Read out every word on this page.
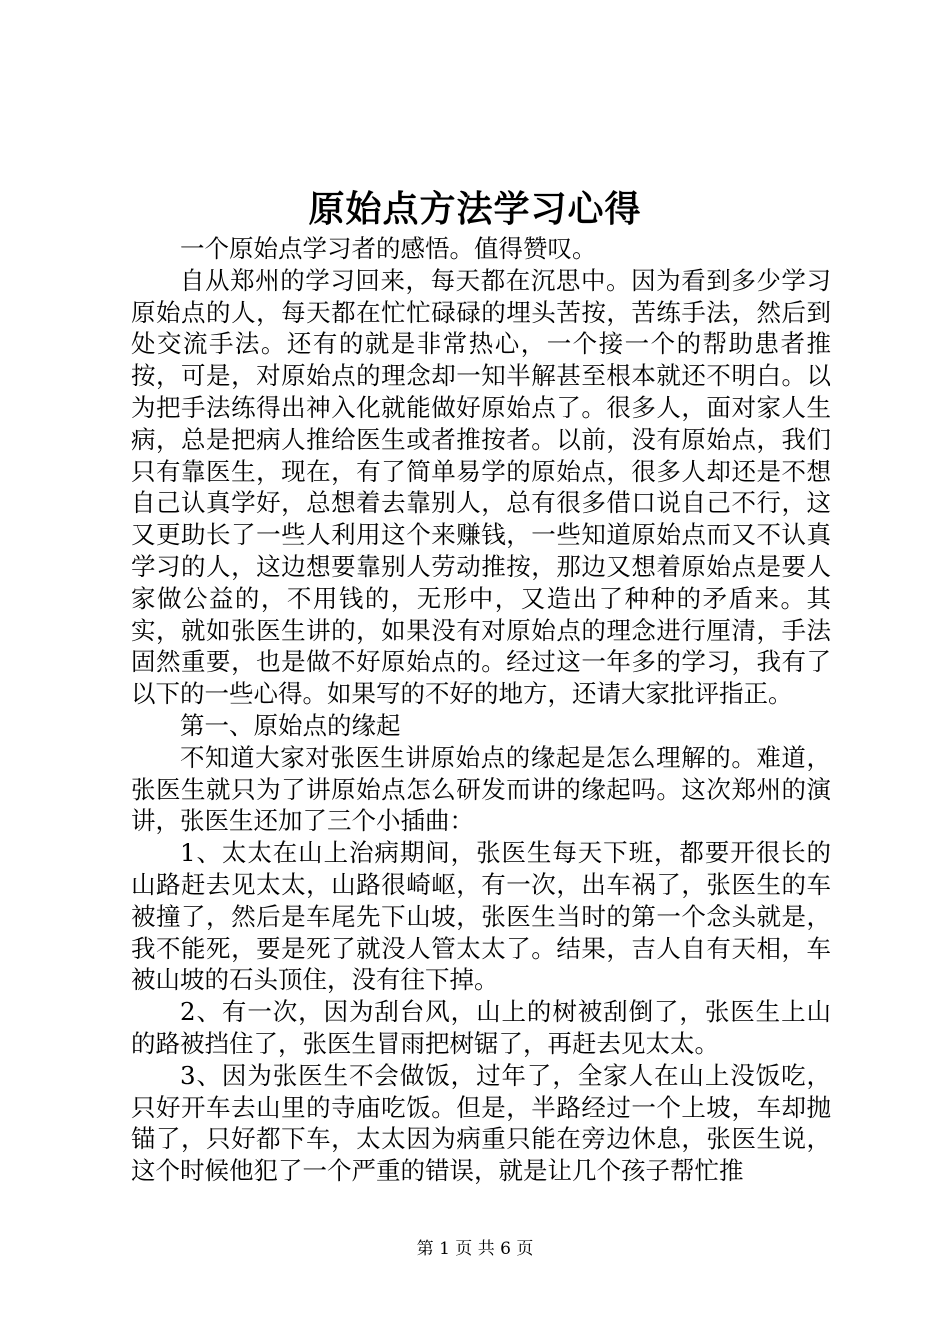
原始点方法学习心得

一个原始点学习者的感悟。值得赞叹。

自从郑州的学习回来，每天都在沉思中。因为看到多少学习原始点的人，每天都在忙忙碌碌的埋头苦按，苦练手法，然后到处交流手法。还有的就是非常热心，一个接一个的帮助患者推按，可是，对原始点的理念却一知半解甚至根本就还不明白。以为把手法练得出神入化就能做好原始点了。很多人，面对家人生病，总是把病人推给医生或者推按者。以前，没有原始点，我们只有靠医生，现在，有了简单易学的原始点，很多人却还是不想自己认真学好，总想着去靠别人，总有很多借口说自己不行，这又更助长了一些人利用这个来赚钱，一些知道原始点而又不认真学习的人，这边想要靠别人劳动推按，那边又想着原始点是要人家做公益的，不用钱的，无形中，又造出了种种的矛盾来。其实，就如张医生讲的，如果没有对原始点的理念进行厘清，手法固然重要，也是做不好原始点的。经过这一年多的学习，我有了以下的一些心得。如果写的不好的地方，还请大家批评指正。

第一、原始点的缘起

不知道大家对张医生讲原始点的缘起是怎么理解的。难道，张医生就只为了讲原始点怎么研发而讲的缘起吗。这次郑州的演讲，张医生还加了三个小插曲：

1、太太在山上治病期间，张医生每天下班，都要开很长的山路赶去见太太，山路很崎岖，有一次，出车祸了，张医生的车被撞了，然后是车尾先下山坡，张医生当时的第一个念头就是，我不能死，要是死了就没人管太太了。结果，吉人自有天相，车被山坡的石头顶住，没有往下掉。

2、有一次，因为刮台风，山上的树被刮倒了，张医生上山的路被挡住了，张医生冒雨把树锯了，再赶去见太太。

3、因为张医生不会做饭，过年了，全家人在山上没饭吃，只好开车去山里的寺庙吃饭。但是，半路经过一个上坡，车却抛锚了，只好都下车，太太因为病重只能在旁边休息，张医生说，这个时候他犯了一个严重的错误，就是让几个孩子帮忙推

第 1 页 共 6 页
